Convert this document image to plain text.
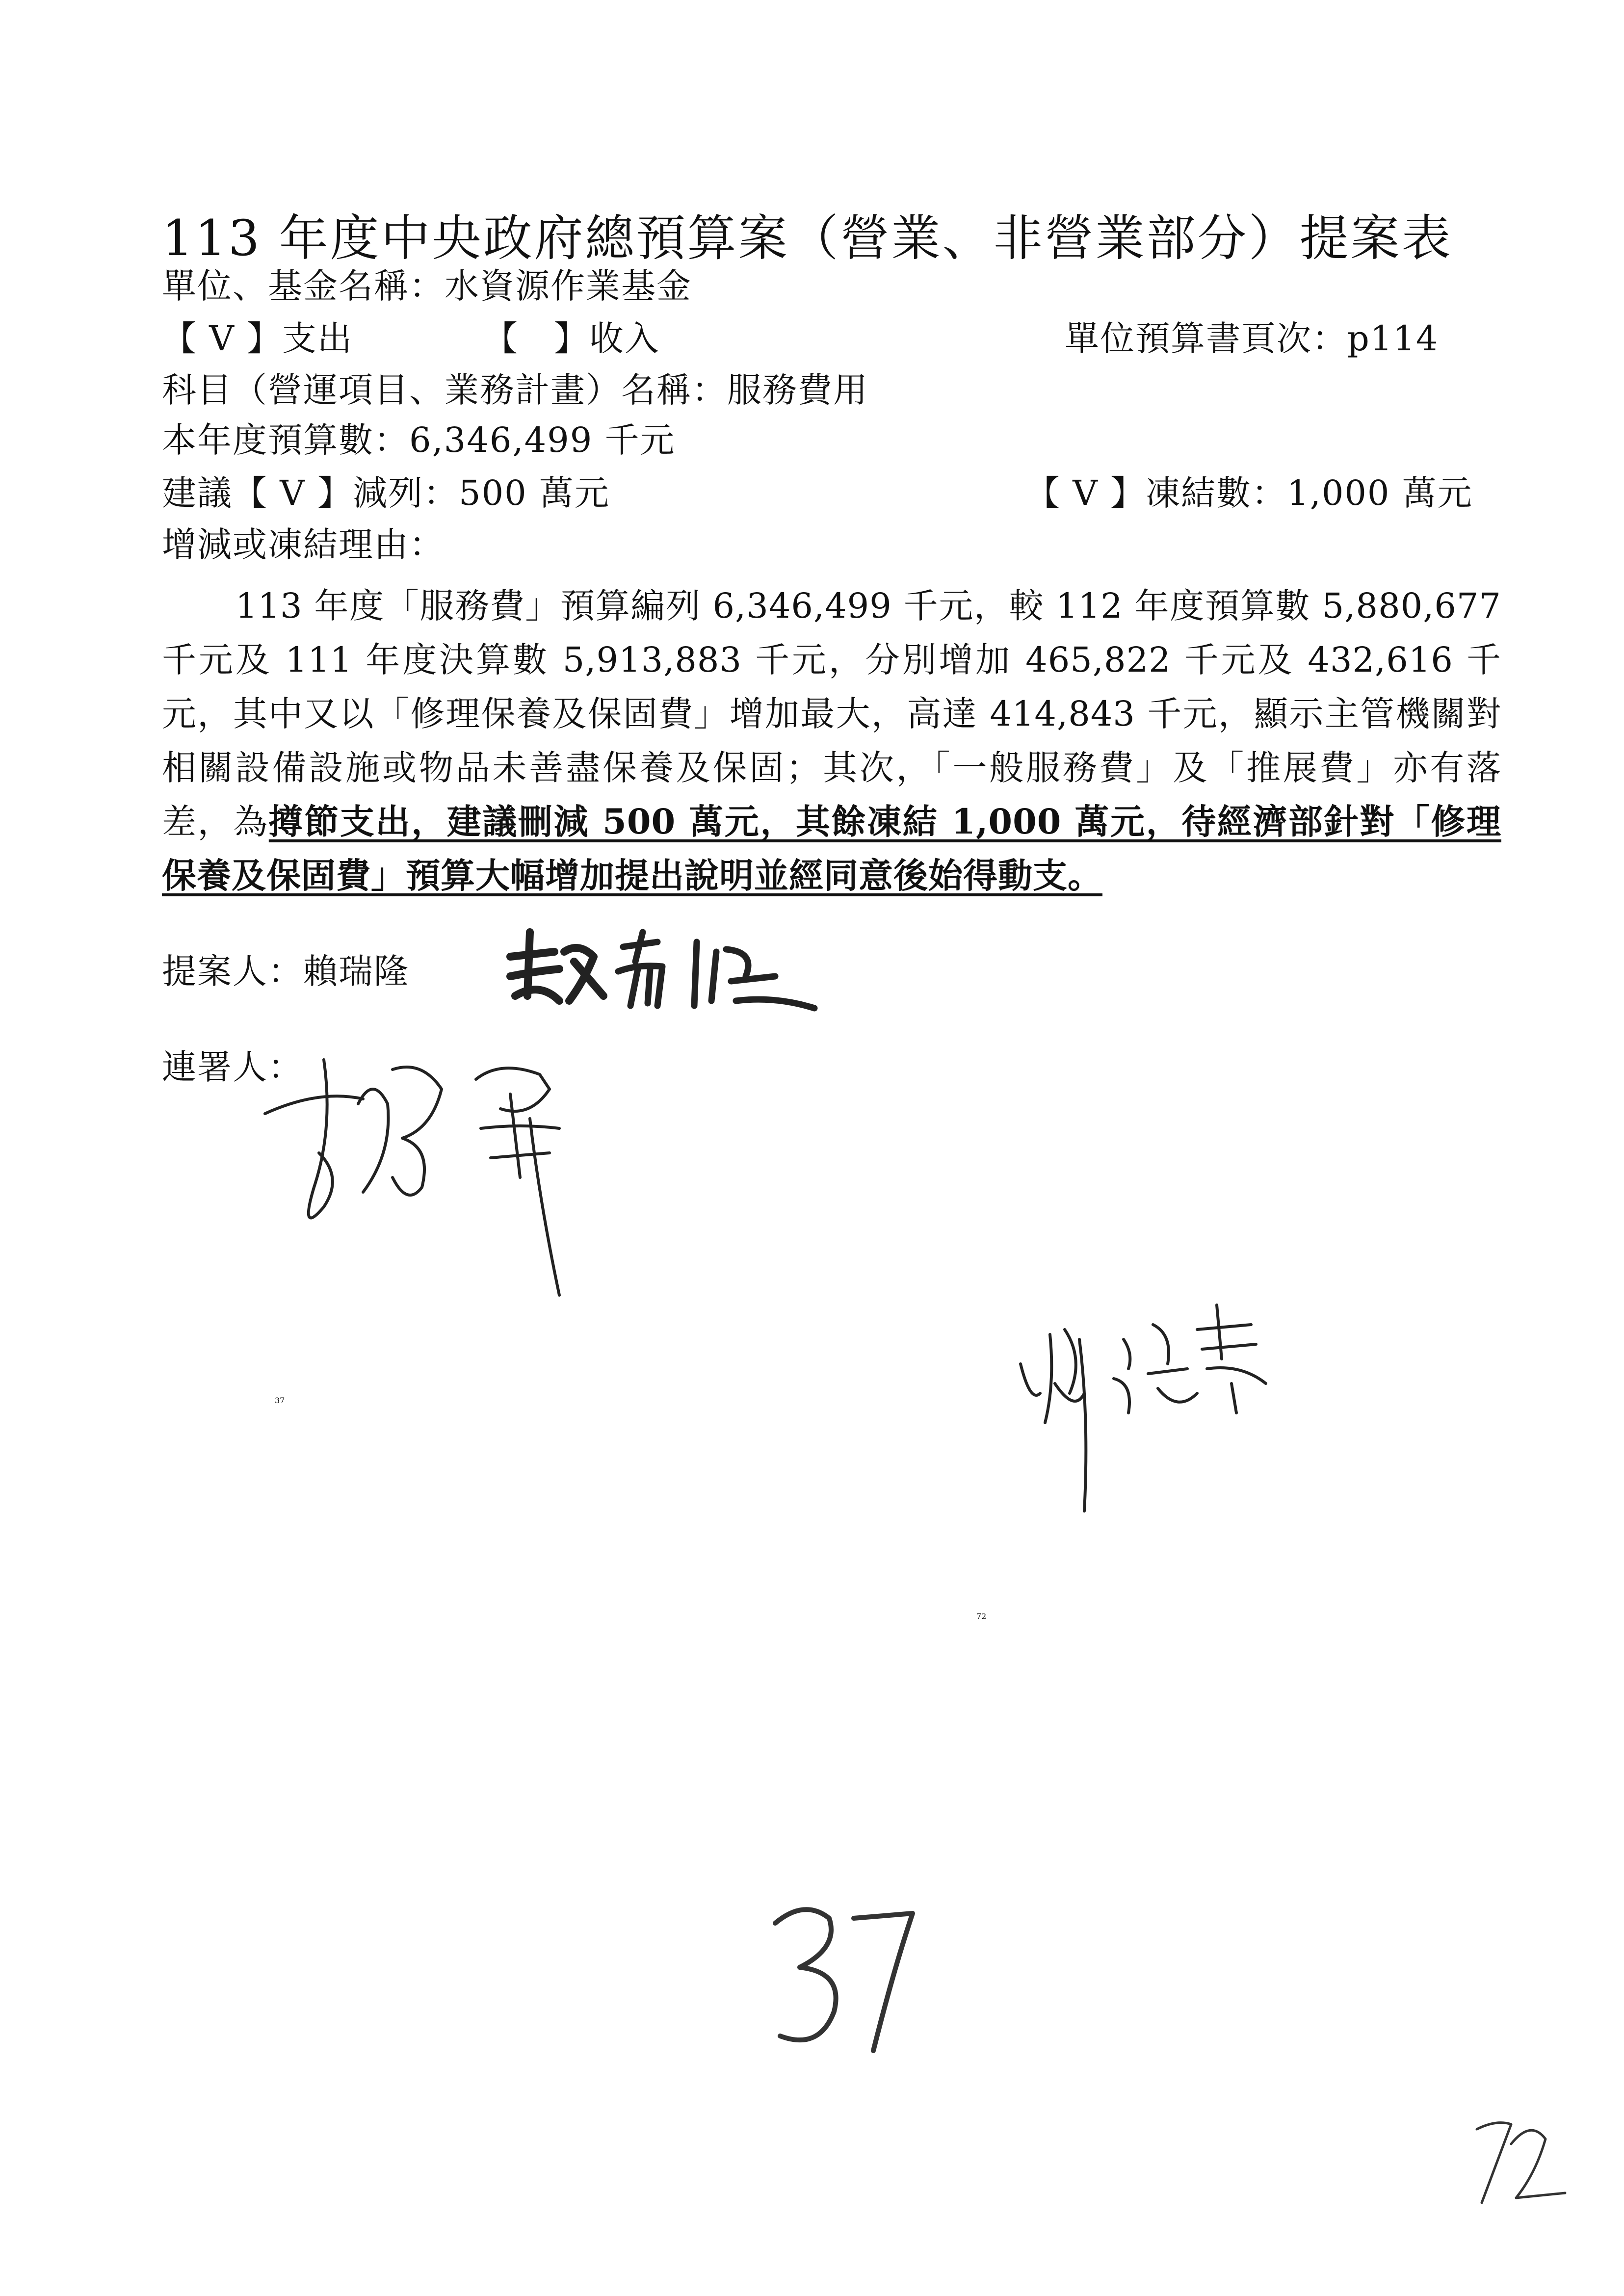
113 年度中央政府總預算案（營業、非營業部分）提案表
單位、基金名稱：水資源作業基金
【 V 】支出	【　】收入	單位預算書頁次：p114
科目（營運項目、業務計畫）名稱：服務費用
本年度預算數：6,346,499 千元
建議【 V 】減列：500 萬元	【 V 】凍結數：1,000 萬元
增減或凍結理由：
113 年度「服務費」預算編列 6,346,499 千元，較 112 年度預算數 5,880,677 千元及 111 年度決算數 5,913,883 千元，分別增加 465,822 千元及 432,616 千元，其中又以「修理保養及保固費」增加最大，高達 414,843 千元，顯示主管機關對相關設備設施或物品未善盡保養及保固；其次，「一般服務費」及「推展費」亦有落差，為撙節支出，建議刪減 500 萬元，其餘凍結 1,000 萬元，待經濟部針對「修理保養及保固費」預算大幅增加提出說明並經同意後始得動支。
提案人：賴瑞隆
連署人：
37
72
